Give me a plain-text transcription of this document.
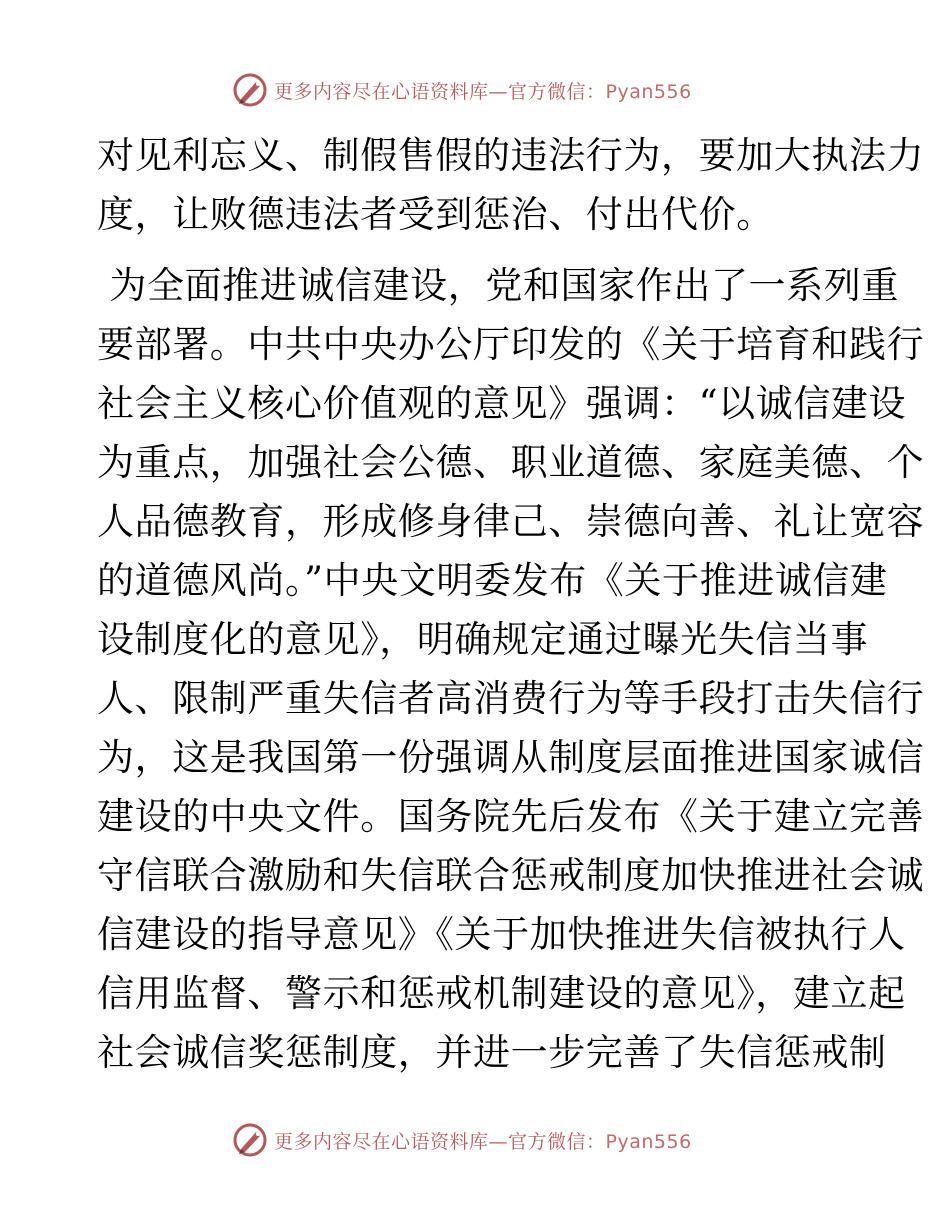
更多内容尽在心语资料库—官方微信：Pyan556
对见利忘义、制假售假的违法行为，要加大执法力
度，让败德违法者受到惩治、付出代价。
为全面推进诚信建设，党和国家作出了一系列重
要部署。中共中央办公厅印发的《关于培育和践行
社会主义核心价值观的意见》强调：“以诚信建设
为重点，加强社会公德、职业道德、家庭美德、个
人品德教育，形成修身律己、崇德向善、礼让宽容
的道德风尚。”中央文明委发布《关于推进诚信建
设制度化的意见》，明确规定通过曝光失信当事
人、限制严重失信者高消费行为等手段打击失信行
为，这是我国第一份强调从制度层面推进国家诚信
建设的中央文件。国务院先后发布《关于建立完善
守信联合激励和失信联合惩戒制度加快推进社会诚
信建设的指导意见》《关于加快推进失信被执行人
信用监督、警示和惩戒机制建设的意见》，建立起
社会诚信奖惩制度，并进一步完善了失信惩戒制
更多内容尽在心语资料库—官方微信：Pyan556
